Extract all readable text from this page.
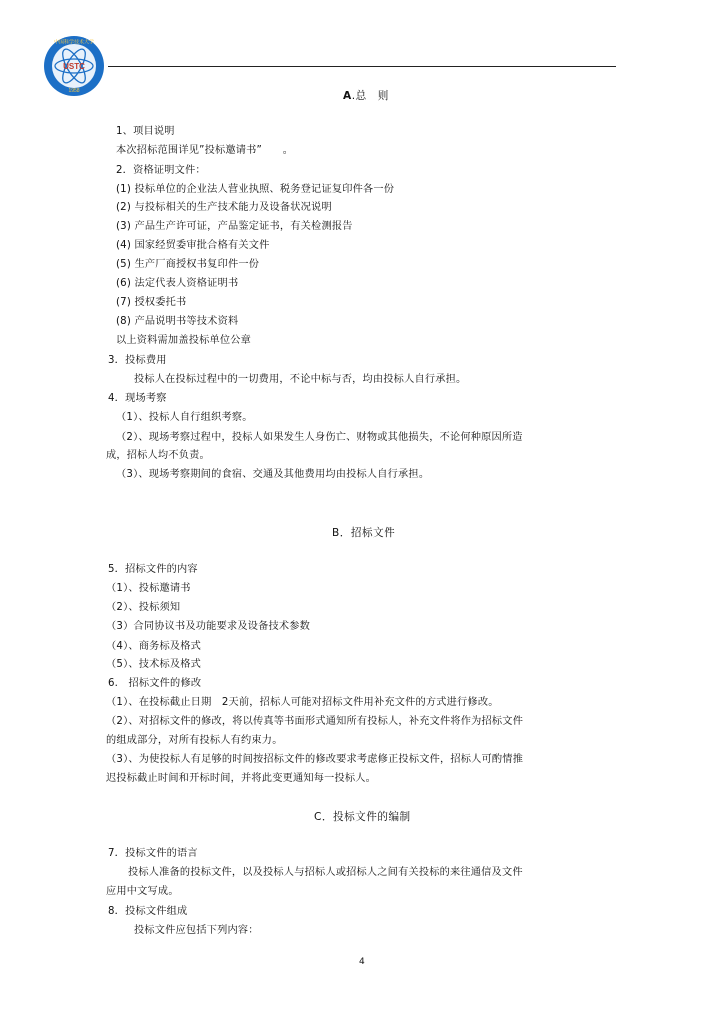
USTC
中国科学技术大学
1958	A.总　则
1、项目说明
本次招标范围详见”投标邀请书”　　。
2．资格证明文件：
(1) 投标单位的企业法人营业执照、税务登记证复印件各一份
(2) 与投标相关的生产技术能力及设备状况说明
(3) 产品生产许可证，产品鉴定证书，有关检测报告
(4) 国家经贸委审批合格有关文件
(5) 生产厂商授权书复印件一份
(6) 法定代表人资格证明书
(7) 授权委托书
(8) 产品说明书等技术资料
以上资料需加盖投标单位公章
3．投标费用
投标人在投标过程中的一切费用，不论中标与否，均由投标人自行承担。
4．现场考察
（1）、投标人自行组织考察。
（2）、现场考察过程中，投标人如果发生人身伤亡、财物或其他损失，不论何种原因所造
成，招标人均不负责。
（3）、现场考察期间的食宿、交通及其他费用均由投标人自行承担。
B．招标文件
5．招标文件的内容
（1）、投标邀请书
（2）、投标须知
（3）合同协议书及功能要求及设备技术参数
（4）、商务标及格式
（5）、技术标及格式
6.　招标文件的修改
（1）、在投标截止日期　2天前，招标人可能对招标文件用补充文件的方式进行修改。
（2）、对招标文件的修改，将以传真等书面形式通知所有投标人，补充文件将作为招标文件
的组成部分，对所有投标人有约束力。
（3）、为使投标人有足够的时间按招标文件的修改要求考虑修正投标文件，招标人可酌情推
迟投标截止时间和开标时间，并将此变更通知每一投标人。
C．投标文件的编制
7．投标文件的语言
投标人准备的投标文件，以及投标人与招标人或招标人之间有关投标的来往通信及文件
应用中文写成。
8．投标文件组成
投标文件应包括下列内容：
4
